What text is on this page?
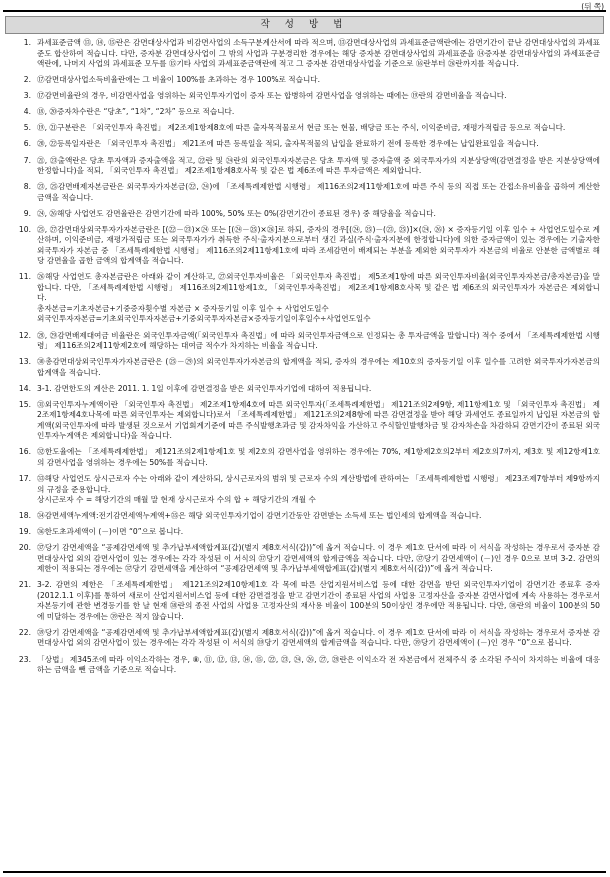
(뒤 쪽)
작 성 방 법
1. 과세표준금액 ⑬, ⑭, ⑮란은 감면대상사업과 비감면사업의 소득구분계산서에 따라 적으며, ⑬감면대상사업의 과세표준금액란에는 감면기간이 끝난 감면대상사업의 과세표준도 합산하여 적습니다. 다만, 증자분 감면대상사업이 그 밖의 사업과 구분경리한 경우에는 해당 증자분 감면대상사업의 과세표준을 ⑭증자분 감면대상사업의 과세표준금액란에, 나머지 사업의 과세표준 모두를 ⑮기타 사업의 과세표준금액란에 적고 그 증자분 감면대상사업을 기준으로 ⑯란부터 ㉖란까지를 적습니다.
2. ⑰감면대상사업소득비율란에는 그 비율이 100%를 초과하는 경우 100%로 적습니다.
3. ⑰감면비율란의 경우, 비감면사업을 영위하는 외국인투자기업이 증자 또는 합병하여 감면사업을 영위하는 때에는 ⑲란의 감면비율을 적습니다.
4. ⑱, ⑳증자차수란은 “당초”, “1차”, “2차” 등으로 적습니다.
5. ⑲, ㉑구분란은 「외국인투자 촉진법」 제2조제1항제8호에 따른 출자목적물로서 현금 또는 현물, 배당금 또는 주식, 이익준비금, 재평가적립금 등으로 적습니다.
6. ⑳, ㉒등록일자란은 「외국인투자 촉진법」 제21조에 따른 등록일을 적되, 출자목적물의 납입을 완료하기 전에 등록한 경우에는 납입완료일을 적습니다.
7. ㉑, ㉓출액란은 당초 투자액과 증자출액을 적고, ㉒란 및 ㉔란의 외국인투자자본금은 당초 투자액 및 증자출액 중 외국투자가의 지분상당액(감면결정을 받은 지분상당액에 한정합니다)을 적되, 「외국인투자 촉진법」 제2조제1항제8호사목 및 같은 법 제6조에 따른 투자금액은 제외합니다.
8. ㉓, ㉕감면배제자본금란은 외국투자가자본금(㉒, ㉔)에 「조세특례제한법 시행령」 제116조의2제11항제1호에 따른 주식 등의 직접 또는 간접소유비율을 곱하여 계산한 금액을 적습니다.
9. ㉔, ㉖해당 사업연도 감면율란은 감면기간에 따라 100%, 50% 또는 0%(감면기간이 종료된 경우) 중 해당율을 적습니다.
10. ㉕, ㉗감면대상외국투자가자본금란은 [(㉒－㉓)×㉔ 또는 [(㉔－㉕)×㉖]로 하되, 증자의 경우[(㉔, ㉕)－(㉓, ㉕)]×(㉔, ㉖) × 증자등기일 이후 일수 ÷ 사업연도일수로 계산하며, 이익준비금, 재평가적립금 또는 외국투자가가 취득한 주식·출자지분으로부터 생긴 과실(주식·출자지분에 한정합니다)에 의한 증자금액이 있는 경우에는 기출자한 외국투자가 자본금 중 「조세특례제한법 시행령」 제116조의2제11항제1호에 따라 조세감면이 배제되는 부분을 제외한 외국투자가 자본금의 비율로 안분한 금액별로 해당 감면율을 곱한 금액의 합계액을 적습니다.
11. ㉖해당 사업연도 총자본금란은 아래와 같이 계산하고, ㉗외국인투자비율은 「외국인투자 촉진법」 제5조제1항에 따른 외국인투자비율(외국인투자자본금/총자본금)을 말합니다. 다만, 「조세특례제한법 시행령」 제116조의2제11항제1호, 「외국인투자촉진법」 제2조제1항제8호사목 및 같은 법 제6조의 외국인투자가 자본금은 제외합니다.
총자본금=기초자본금+기중증자횟수별 자본금 × 증자등기일 이후 일수 ÷ 사업연도일수
외국인투자자본금=기초외국인투자자본금+기중외국투자자본금×증자등기일이후일수÷사업연도일수
12. ㉘, ㉙감면배제대여금 비율란은 외국인투자금액(「외국인투자 촉진법」에 따라 외국인투자금액으로 인정되는 총 투자금액을 말합니다) 적수 중에서 「조세특례제한법 시행령」 제116조의2제11항제2호에 해당하는 대여금 적수가 차지하는 비율을 적습니다.
13. ㉚총감면대상외국인투자가자본금란은 (㉕－㉙)의 외국인투자가자본금의 합계액을 적되, 증자의 경우에는 제10호의 증자등기일 이후 일수를 고려한 외국투자가자본금의 합계액을 적습니다.
14. 3-1. 감면한도의 계산은 2011. 1. 1일 이후에 감면결정을 받은 외국인투자기업에 대하여 적용됩니다.
15. ㉛외국인투자누계액이란 「외국인투자 촉진법」 제2조제1항제4호에 따른 외국인투자(「조세특례제한법」 제121조의2제9항, 제11항제1호 및 「외국인투자 촉진법」 제2조제1항제4호나목에 따른 외국인투자는 제외합니다)로서 「조세특례제한법」 제121조의2제8항에 따른 감면결정을 받아 해당 과세연도 종료일까지 납입된 자본금의 합계액(외국인투자에 따라 발생된 것으로서 기업회계기준에 따른 주식발행초과금 및 감자차익을 가산하고 주식할인발행차금 및 감자차손을 차감하되 감면기간이 종료된 외국인투자누계액은 제외합니다)을 적습니다.
16. ㉜한도율에는 「조세특례제한법」 제121조의2제1항제1호 및 제2호의 감면사업을 영위하는 경우에는 70%, 제1항제2호의2부터 제2호의7까지, 제3호 및 제12항제1호의 감면사업을 영위하는 경우에는 50%를 적습니다.
17. ㉝해당 사업연도 상시근로자 수는 아래와 같이 계산하되, 상시근로자의 범위 및 근로자 수의 계산방법에 관하여는 「조세특례제한법 시행령」 제23조제7항부터 제9항까지의 규정을 준용합니다.
상시근로자 수 = 해당기간의 매월 말 현재 상시근로자 수의 합 ÷ 해당기간의 개월 수
18. ㉞감면세액누계액:전기감면세액누계액+㉟은 해당 외국인투자기업이 감면기간동안 감면받는 소득세 또는 법인세의 합계액을 적습니다.
19. ㊱한도초과세액이 (－)이면 “0”으로 봅니다.
20. ㊲당기 감면세액을 “공제감면세액 및 추가납부세액합계표(갑)(별지 제8호서식(갑))”에 옮겨 적습니다. 이 경우 제1호 단서에 따라 이 서식을 작성하는 경우로서 증자분 감면대상사업 외의 감면사업이 있는 경우에는 각각 작성된 이 서식의 ㊲당기 감면세액의 합계금액을 적습니다. 다만, ㊲당기 감면세액이 (－)인 경우 0으로 보며 3-2. 감면의 제한이 적용되는 경우에는 ㊲당기 감면세액을 계산하여 “공제감면세액 및 추가납부세액합계표(갑)(별지 제8호서식(갑))”에 옮겨 적습니다.
21. 3-2. 감면의 제한은 「조세특례제한법」 제121조의2제10항제1호 각 목에 따른 산업지원서비스업 등에 대한 감면을 받던 외국인투자기업이 감면기간 종료후 증자(2012.1.1 이후)를 통하여 새로이 산업지원서비스업 등에 대한 감면결정을 받고 감면기간이 종료된 사업의 사업용 고정자산을 증자분 감면사업에 계속 사용하는 경우로서 자본등기에 관한 변경등기를 한 날 현재 ㊳란의 종전 사업의 사업용 고정자산의 재사용 비율이 100분의 50이상인 경우에만 적용됩니다. 다만, ㊳란의 비율이 100분의 50에 미달하는 경우에는 ㊴란은 적지 않습니다.
22. ㊴당기 감면세액을 “공제감면세액 및 추가납부세액합계표(갑)(별지 제8호서식(갑))”에 옮겨 적습니다. 이 경우 제1호 단서에 따라 이 서식을 작성하는 경우로서 증자분 감면대상사업 외의 감면사업이 있는 경우에는 각각 작성된 이 서식의 ㊴당기 감면세액의 합계금액을 적습니다. 다만, ㊴당기 감면세액이 (－)인 경우 “0”으로 봅니다.
23. 「상법」 제345조에 따라 이익소각하는 경우, ⑧, ⑪, ⑫, ⑬, ⑭, ⑮, ㉒, ㉓, ㉔, ㉖, ㉗, ㉘란은 이익소각 전 자본금에서 전체주식 중 소각된 주식이 차지하는 비율에 대응하는 금액을 뺀 금액을 기준으로 적습니다.
